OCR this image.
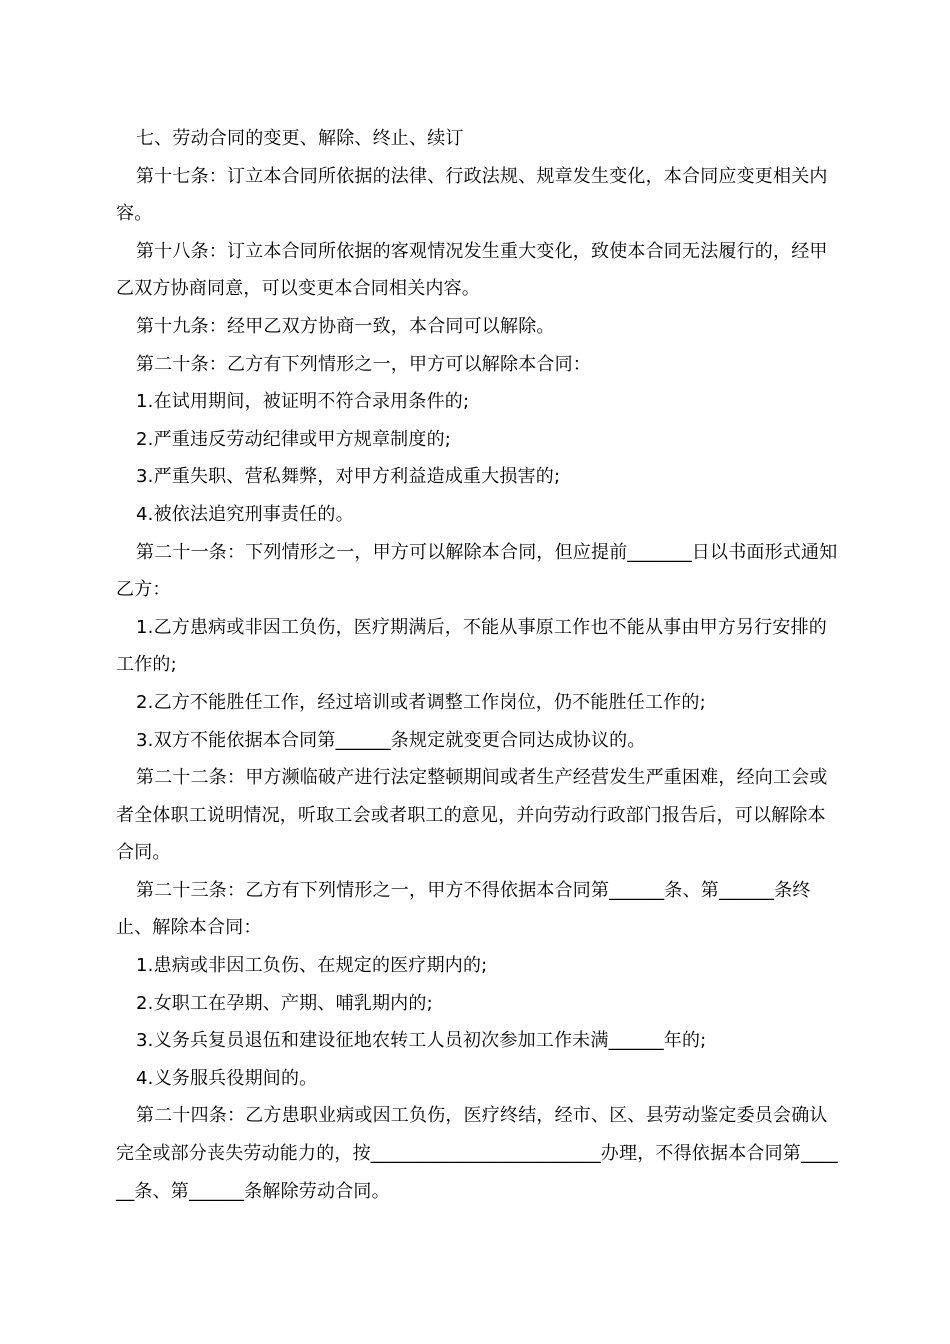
七、劳动合同的变更、解除、终止、续订

第十七条：订立本合同所依据的法律、行政法规、规章发生变化，本合同应变更相关内容。

第十八条：订立本合同所依据的客观情况发生重大变化，致使本合同无法履行的，经甲乙双方协商同意，可以变更本合同相关内容。

第十九条：经甲乙双方协商一致，本合同可以解除。

第二十条：乙方有下列情形之一，甲方可以解除本合同：

1.在试用期间，被证明不符合录用条件的;

2.严重违反劳动纪律或甲方规章制度的;

3.严重失职、营私舞弊，对甲方利益造成重大损害的;

4.被依法追究刑事责任的。

第二十一条：下列情形之一，甲方可以解除本合同，但应提前_______日以书面形式通知乙方：

1.乙方患病或非因工负伤，医疗期满后，不能从事原工作也不能从事由甲方另行安排的工作的;

2.乙方不能胜任工作，经过培训或者调整工作岗位，仍不能胜任工作的;

3.双方不能依据本合同第______条规定就变更合同达成协议的。

第二十二条：甲方濒临破产进行法定整顿期间或者生产经营发生严重困难，经向工会或者全体职工说明情况，听取工会或者职工的意见，并向劳动行政部门报告后，可以解除本合同。

第二十三条：乙方有下列情形之一，甲方不得依据本合同第______条、第______条终止、解除本合同：

1.患病或非因工负伤、在规定的医疗期内的;

2.女职工在孕期、产期、哺乳期内的;

3.义务兵复员退伍和建设征地农转工人员初次参加工作未满______年的;

4.义务服兵役期间的。

第二十四条：乙方患职业病或因工负伤，医疗终结，经市、区、县劳动鉴定委员会确认完全或部分丧失劳动能力的，按_________________________办理，不得依据本合同第______条、第______条解除劳动合同。
